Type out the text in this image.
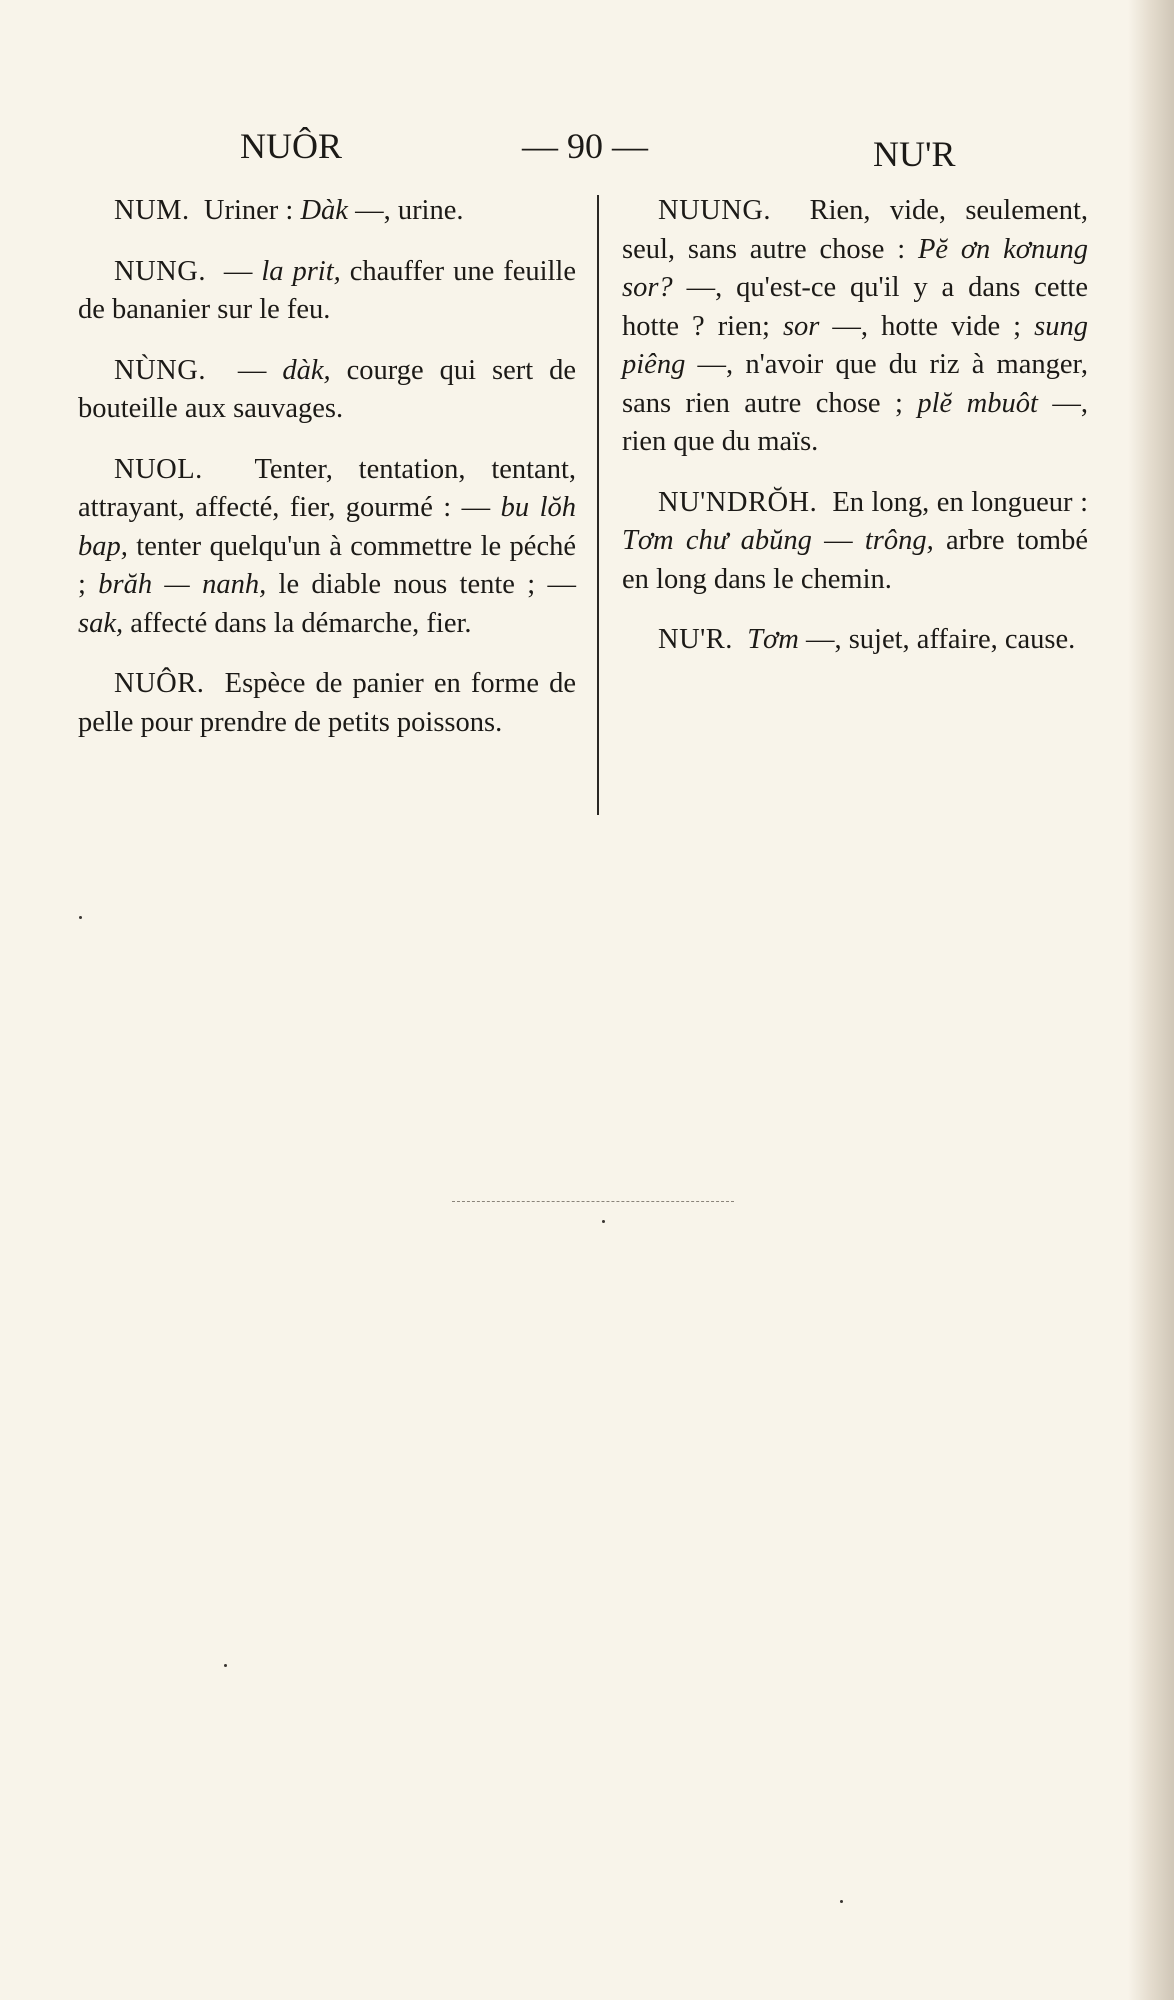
NUÔR	— 90 —	NU'R

NUM. Uriner : Dàk —, urine.

NUNG. — la prit, chauffer une feuille de bananier sur le feu.

NÙNG. — dàk, courge qui sert de bouteille aux sauvages.

NUOL. Tenter, tentation, tentant, attrayant, affecté, fier, gourmé : — bu lŏh bap, tenter quelqu'un à commettre le péché ; brăh — nanh, le diable nous tente ; — sak, affecté dans la démarche, fier.

NUÔR. Espèce de panier en forme de pelle pour prendre de petits poissons.

NUUNG. Rien, vide, seulement, seul, sans autre chose : Pĕ ơn kơnung sor? —, qu'est-ce qu'il y a dans cette hotte ? rien; sor —, hotte vide ; sung piêng —, n'avoir que du riz à manger, sans rien autre chose ; plĕ mbuôt —, rien que du maïs.

NU'NDRŎH. En long, en longueur : Tơm chư abŭng — trông, arbre tombé en long dans le chemin.

NU'R. Tơm —, sujet, affaire, cause.
